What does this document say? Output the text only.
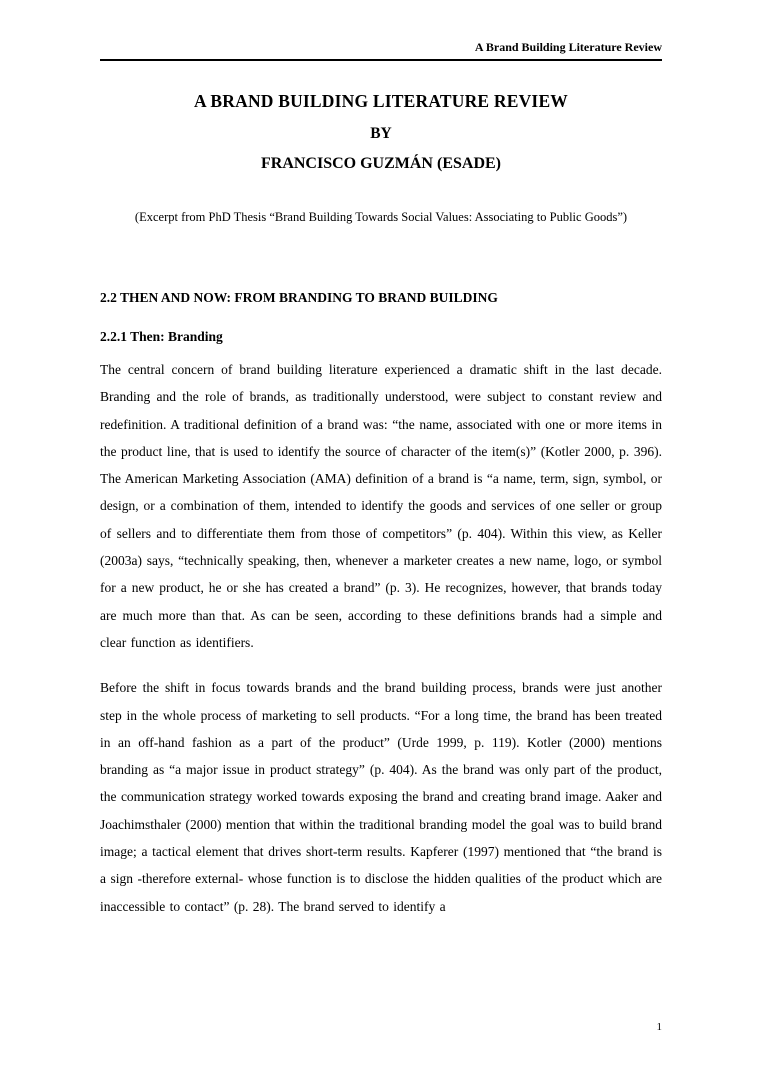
A Brand Building Literature Review
A BRAND BUILDING LITERATURE REVIEW
BY
FRANCISCO GUZMÁN (ESADE)

(Excerpt from PhD Thesis “Brand Building Towards Social Values: Associating to Public Goods”)

2.2 THEN AND NOW: FROM BRANDING TO BRAND BUILDING
2.2.1 Then: Branding

The central concern of brand building literature experienced a dramatic shift in the last decade. Branding and the role of brands, as traditionally understood, were subject to constant review and redefinition. A traditional definition of a brand was: “the name, associated with one or more items in the product line, that is used to identify the source of character of the item(s)” (Kotler 2000, p. 396). The American Marketing Association (AMA) definition of a brand is “a name, term, sign, symbol, or design, or a combination of them, intended to identify the goods and services of one seller or group of sellers and to differentiate them from those of competitors” (p. 404). Within this view, as Keller (2003a) says, “technically speaking, then, whenever a marketer creates a new name, logo, or symbol for a new product, he or she has created a brand” (p. 3). He recognizes, however, that brands today are much more than that. As can be seen, according to these definitions brands had a simple and clear function as identifiers.

Before the shift in focus towards brands and the brand building process, brands were just another step in the whole process of marketing to sell products. “For a long time, the brand has been treated in an off-hand fashion as a part of the product” (Urde 1999, p. 119). Kotler (2000) mentions branding as “a major issue in product strategy” (p. 404). As the brand was only part of the product, the communication strategy worked towards exposing the brand and creating brand image. Aaker and Joachimsthaler (2000) mention that within the traditional branding model the goal was to build brand image; a tactical element that drives short-term results. Kapferer (1997) mentioned that “the brand is a sign -therefore external- whose function is to disclose the hidden qualities of the product which are inaccessible to contact” (p. 28). The brand served to identify a

1
